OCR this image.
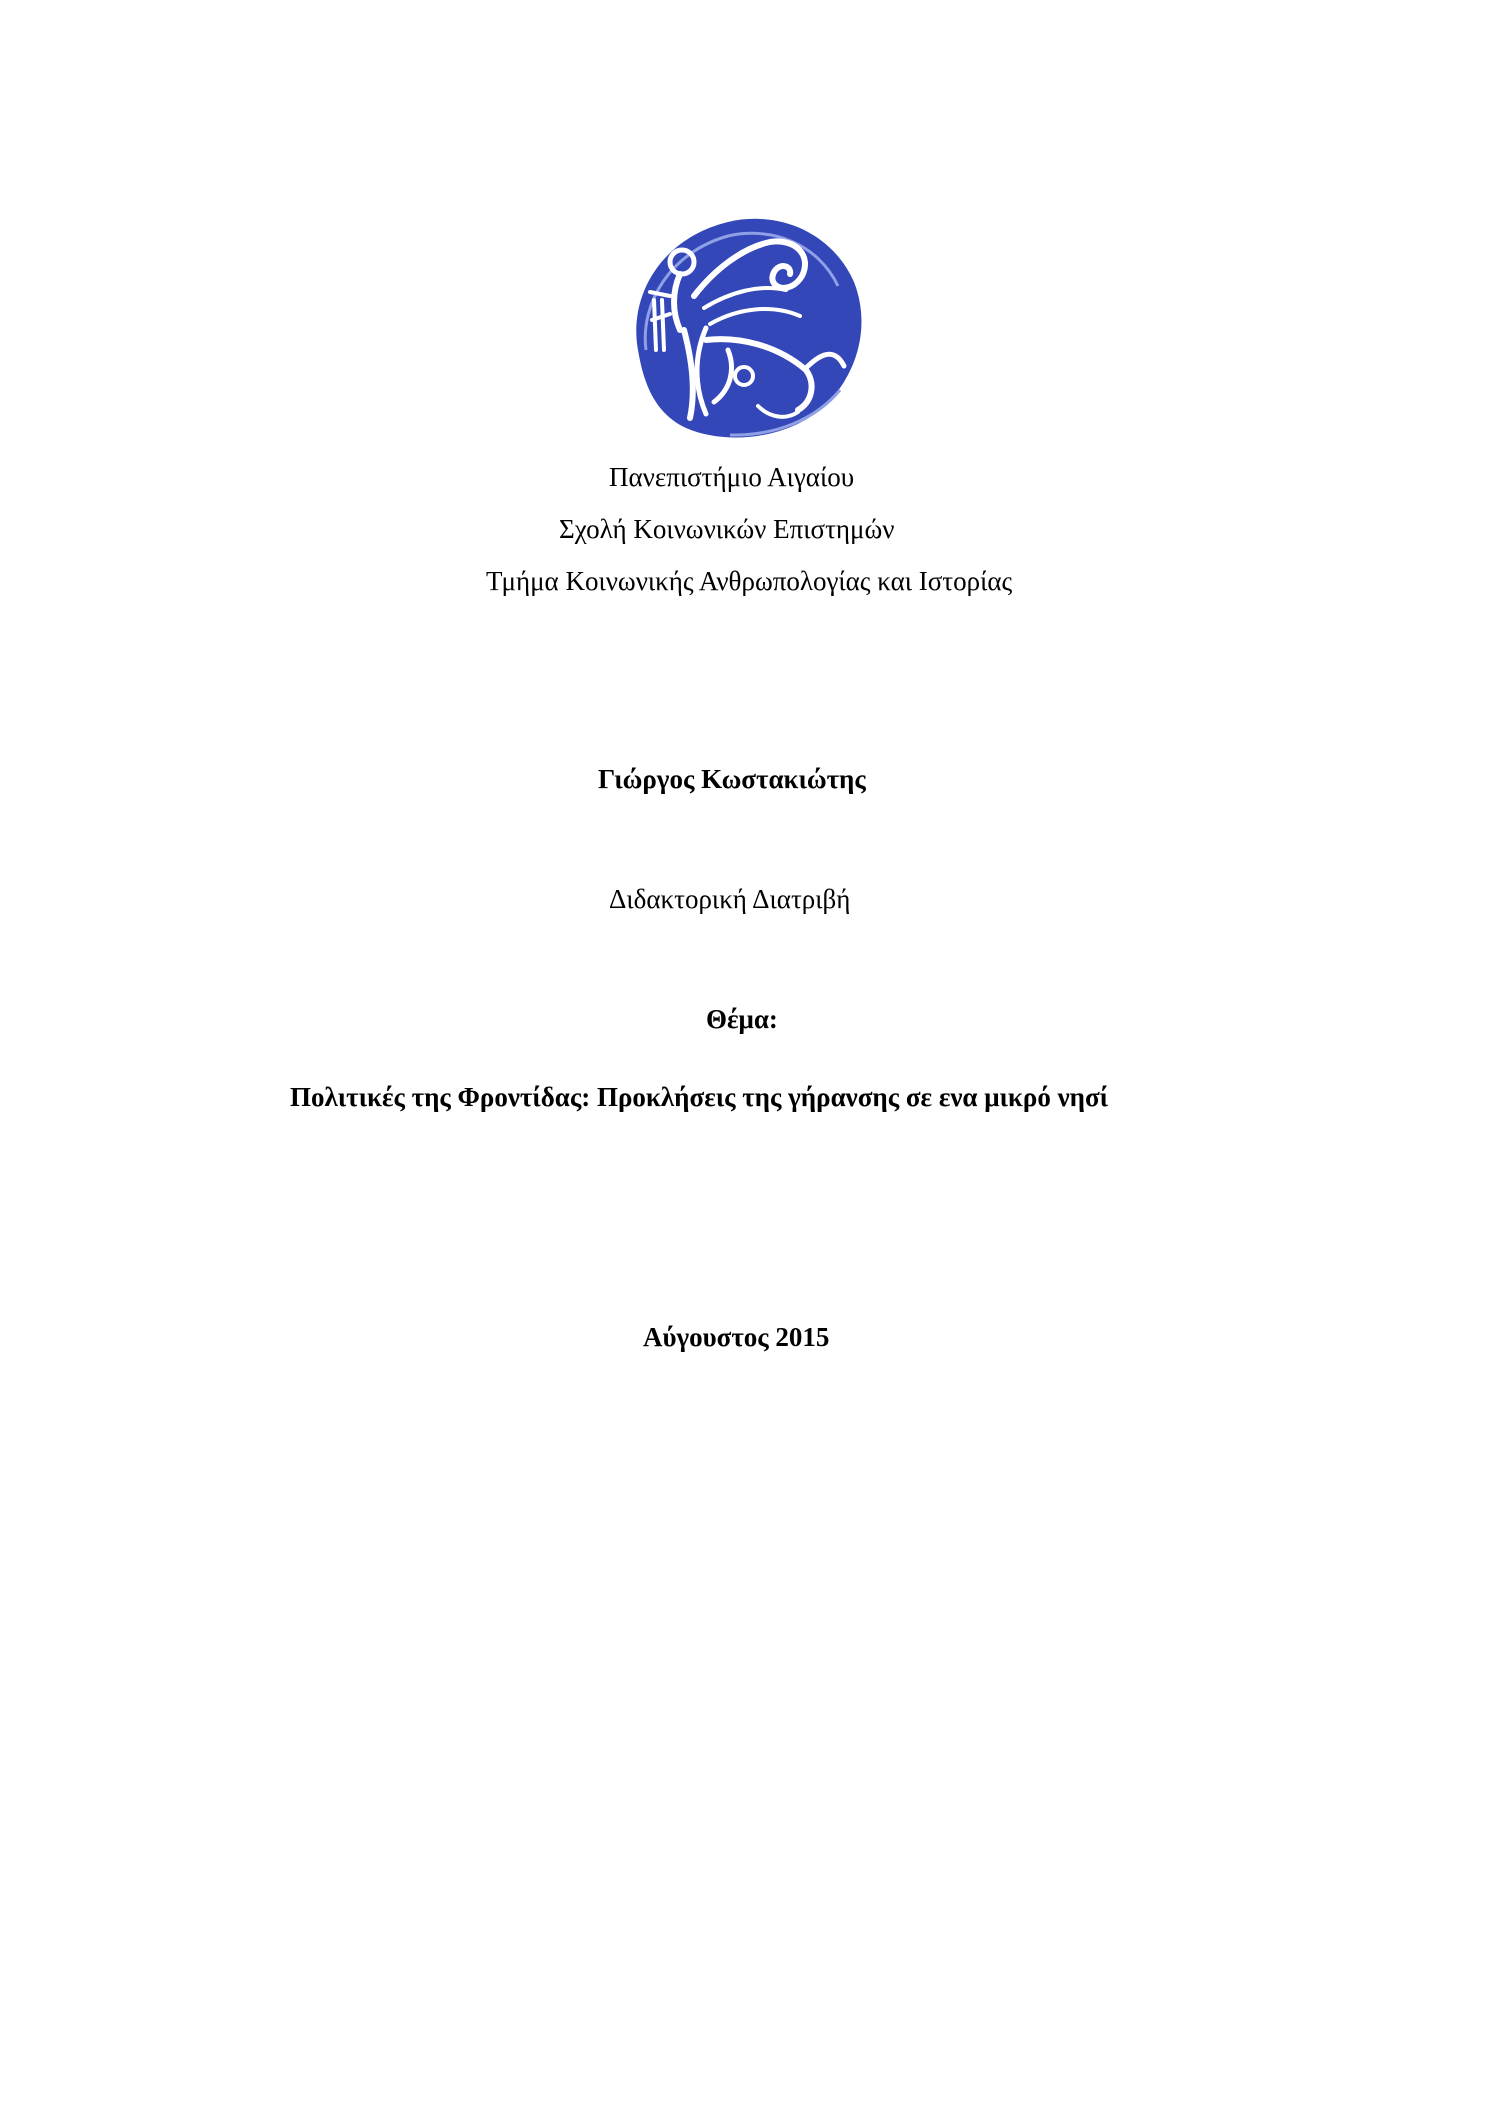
Πανεπιστήμιο Αιγαίου
Σχολή Κοινωνικών Επιστημών
Τμήμα Κοινωνικής Ανθρωπολογίας και Ιστορίας
Γιώργος Κωστακιώτης
Διδακτορική Διατριβή
Θέμα:
Πολιτικές της Φροντίδας: Προκλήσεις της γήρανσης σε ενα μικρό νησί
Αύγουστος 2015
